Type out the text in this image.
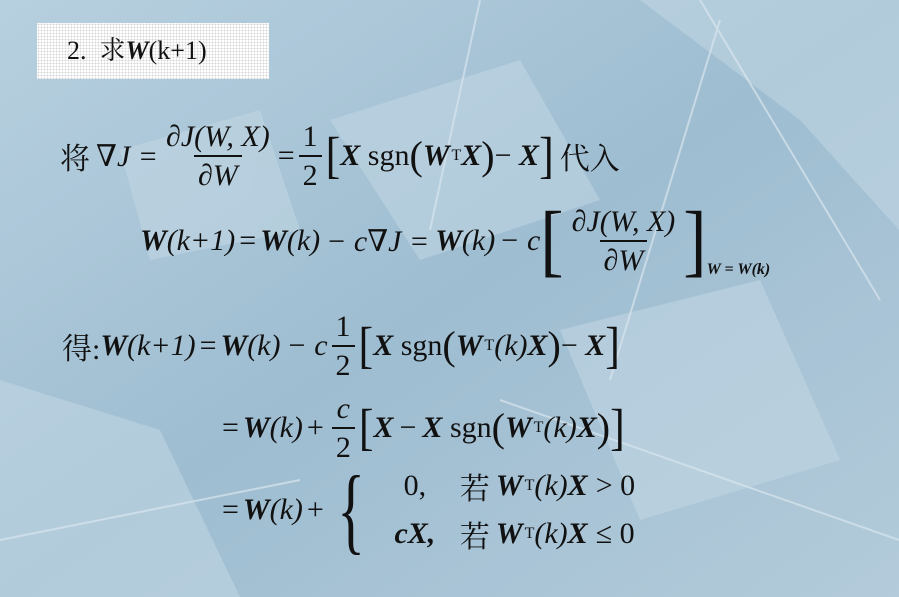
2. 求W(k+1)
将 $\nabla J = \frac{\partial J(W, X)}{\partial W} = \frac{1}{2}$ [ X
sgn ( W T X ) −
X ] 代入
W (k+1) = W (k) − c∇J = W (k) − c [ $\frac{\partial J(W, X)}{\partial W}$ ] W = W(k)
得: W (k+1) = W (k) − c $\frac{1}{2}$ [ X
sgn ( W T (k) X ) −
X ]
= W $(k) + \frac{c}{2}$ [ X − X
sgn ( W T (k) X ) ]
= W (k) + {	0,	若 W T (k) X > 0
cX, 若 W T (k) X ≤ 0
